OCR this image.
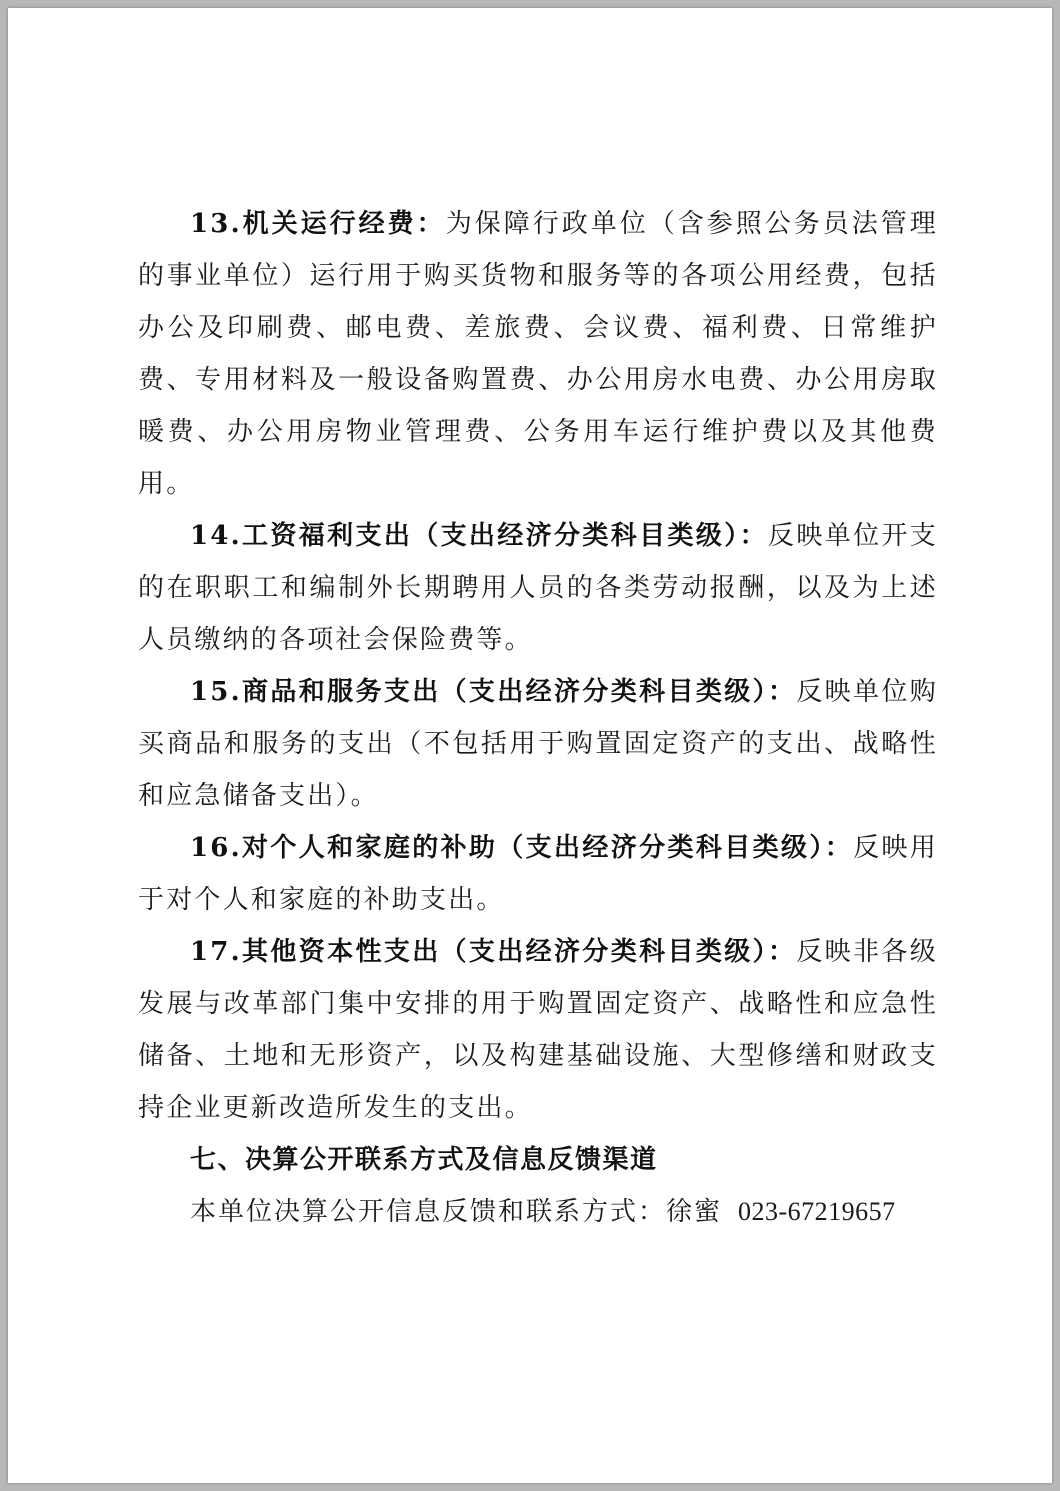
13.机关运行经费：为保障行政单位（含参照公务员法管理的事业单位）运行用于购买货物和服务等的各项公用经费，包括办公及印刷费、邮电费、差旅费、会议费、福利费、日常维护费、专用材料及一般设备购置费、办公用房水电费、办公用房取暖费、办公用房物业管理费、公务用车运行维护费以及其他费用。

14.工资福利支出（支出经济分类科目类级）：反映单位开支的在职职工和编制外长期聘用人员的各类劳动报酬，以及为上述人员缴纳的各项社会保险费等。

15.商品和服务支出（支出经济分类科目类级）：反映单位购买商品和服务的支出（不包括用于购置固定资产的支出、战略性和应急储备支出）。

16.对个人和家庭的补助（支出经济分类科目类级）：反映用于对个人和家庭的补助支出。

17.其他资本性支出（支出经济分类科目类级）：反映非各级发展与改革部门集中安排的用于购置固定资产、战略性和应急性储备、土地和无形资产，以及构建基础设施、大型修缮和财政支持企业更新改造所发生的支出。

七、决算公开联系方式及信息反馈渠道

本单位决算公开信息反馈和联系方式：徐蜜 023-67219657
